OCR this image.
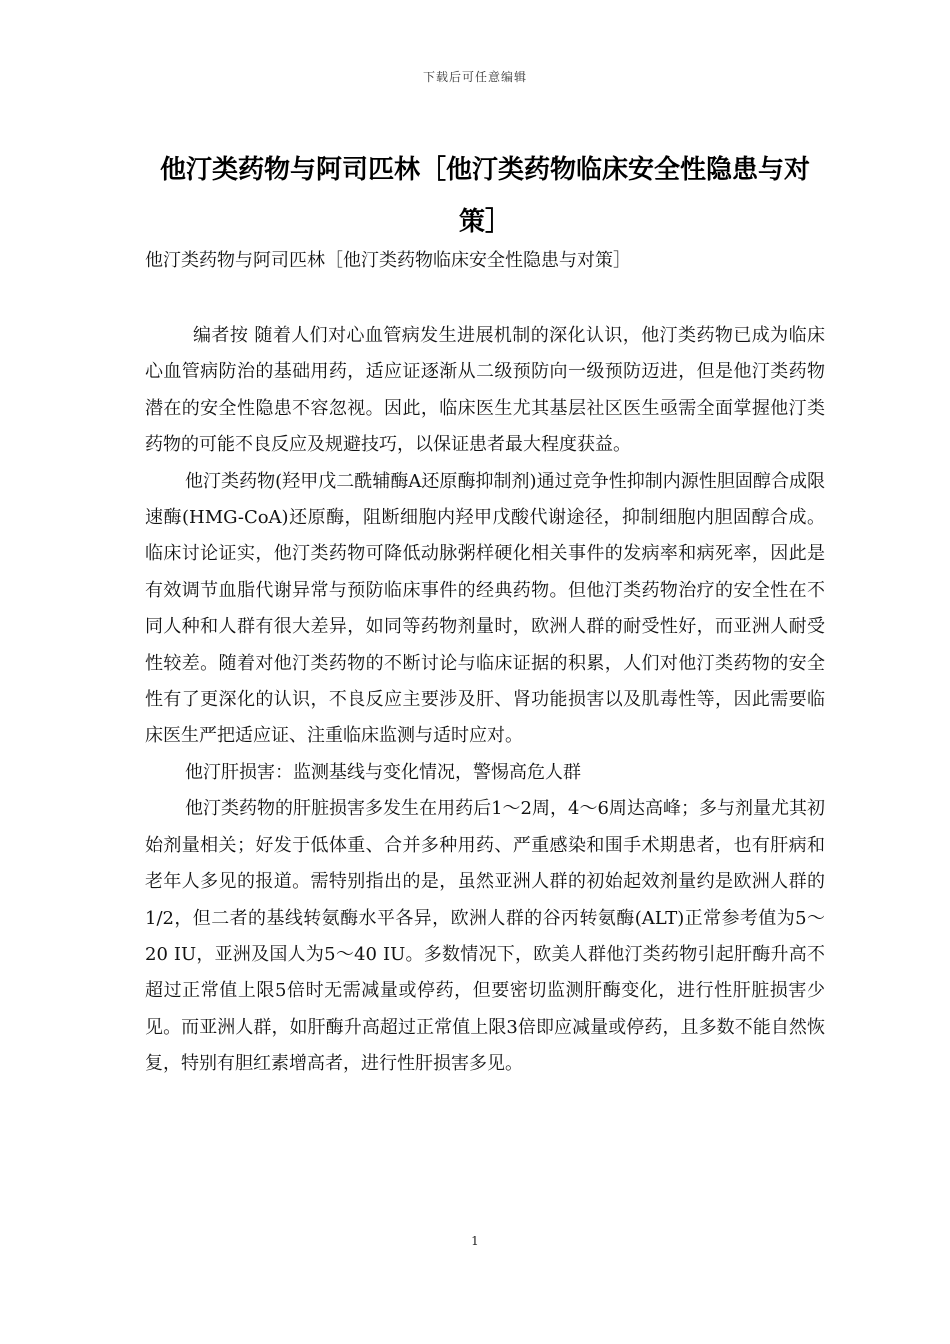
下载后可任意编辑
他汀类药物与阿司匹林［他汀类药物临床安全性隐患与对策］

他汀类药物与阿司匹林［他汀类药物临床安全性隐患与对策］

编者按 随着人们对心血管病发生进展机制的深化认识，他汀类药物已成为临床心血管病防治的基础用药，适应证逐渐从二级预防向一级预防迈进，但是他汀类药物潜在的安全性隐患不容忽视。因此，临床医生尤其基层社区医生亟需全面掌握他汀类药物的可能不良反应及规避技巧，以保证患者最大程度获益。

他汀类药物(羟甲戊二酰辅酶A还原酶抑制剂)通过竞争性抑制内源性胆固醇合成限速酶(HMG-CoA)还原酶，阻断细胞内羟甲戊酸代谢途径，抑制细胞内胆固醇合成。临床讨论证实，他汀类药物可降低动脉粥样硬化相关事件的发病率和病死率，因此是有效调节血脂代谢异常与预防临床事件的经典药物。但他汀类药物治疗的安全性在不同人种和人群有很大差异，如同等药物剂量时，欧洲人群的耐受性好，而亚洲人耐受性较差。随着对他汀类药物的不断讨论与临床证据的积累，人们对他汀类药物的安全性有了更深化的认识，不良反应主要涉及肝、肾功能损害以及肌毒性等，因此需要临床医生严把适应证、注重临床监测与适时应对。

他汀肝损害：监测基线与变化情况，警惕高危人群

他汀类药物的肝脏损害多发生在用药后1～2周，4～6周达高峰；多与剂量尤其初始剂量相关；好发于低体重、合并多种用药、严重感染和围手术期患者，也有肝病和老年人多见的报道。需特别指出的是，虽然亚洲人群的初始起效剂量约是欧洲人群的1/2，但二者的基线转氨酶水平各异，欧洲人群的谷丙转氨酶(ALT)正常参考值为5～20 IU，亚洲及国人为5～40 IU。多数情况下，欧美人群他汀类药物引起肝酶升高不超过正常值上限5倍时无需减量或停药，但要密切监测肝酶变化，进行性肝脏损害少见。而亚洲人群，如肝酶升高超过正常值上限3倍即应减量或停药，且多数不能自然恢复，特别有胆红素增高者，进行性肝损害多见。

1
